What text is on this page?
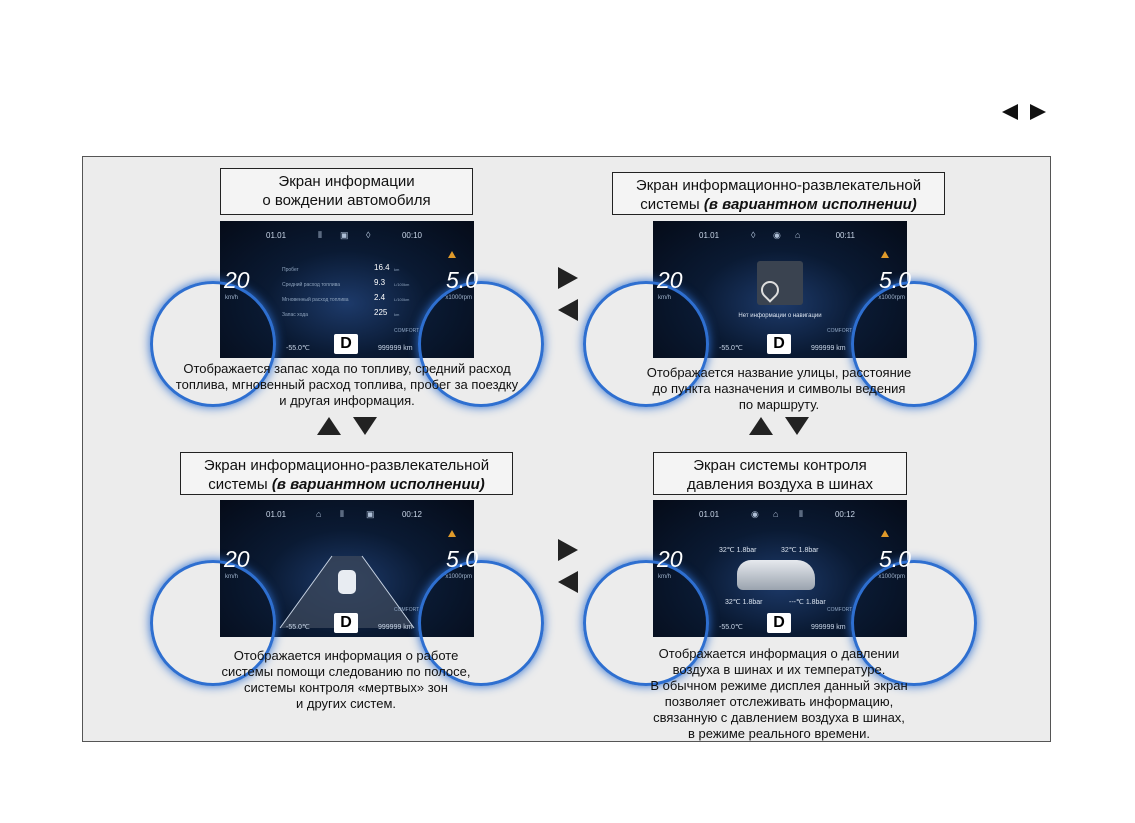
Экран информации
о вождении автомобиля
01.01	00:10
⦀ ▣ ◊
20
km/h
5.0
x1000rpm
Пробег	16.4 km
Средний расход топлива	9.3 L/100km
Мгновенный расход топлива	2.4 L/100km
Запас хода	225 km
COMFORT
-55.0℃	D	999999 km
Отображается запас хода по топливу, средний расход
топлива, мгновенный расход топлива, пробег за поездку
и другая информация.
Экран информационно-развлекательной
системы (в вариантном исполнении)
01.01	00:11
◊ ◉ ⌂
20
km/h
5.0
x1000rpm
Нет информации о навигации
COMFORT
-55.0℃	D	999999 km
Отображается название улицы, расстояние
до пункта назначения и символы ведения
по маршруту.
Экран информационно-развлекательной
системы (в вариантном исполнении)
01.01	00:12
⌂ ⦀ ▣
20
km/h
5.0
x1000rpm
COMFORT
-55.0℃	D	999999 km
Отображается информация о работе
системы помощи следованию по полосе,
системы контроля «мертвых» зон
и других систем.
Экран системы контроля
давления воздуха в шинах
01.01	00:12
◉ ⌂ ⦀
20
km/h
5.0
x1000rpm
32℃ 1.8bar	32℃ 1.8bar
32℃ 1.8bar	---℃ 1.8bar
COMFORT
-55.0℃	D	999999 km
Отображается информация о давлении
воздуха в шинах и их температуре.
В обычном режиме дисплея данный экран
позволяет отслеживать информацию,
связанную с давлением воздуха в шинах,
в режиме реального времени.
